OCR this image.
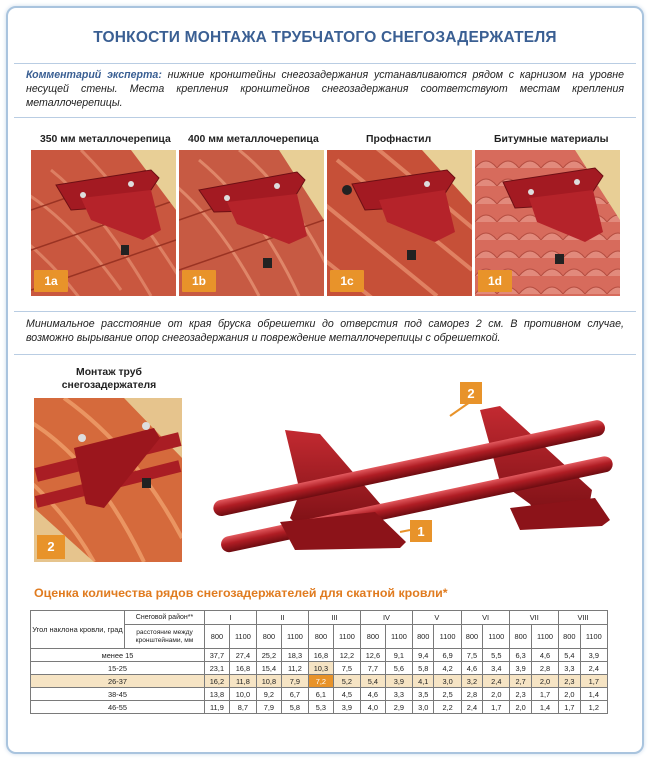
ТОНКОСТИ МОНТАЖА ТРУБЧАТОГО СНЕГОЗАДЕРЖАТЕЛЯ
Комментарий эксперта: нижние кронштейны снегозадержания устанавливаются рядом с карнизом на уровне несущей стены. Места крепления кронштейнов снегозадержания соответствуют местам крепления металлочерепицы.
350 мм металлочерепица 400 мм металлочерепица	Профнастил	Битумные материалы
1a	1b	1c	1d
Минимальное расстояние от края бруска обрешетки до отверстия под саморез 2 см. В противном случае, возможно вырывание опор снегозадержания и повреждение металлочерепицы с обрешеткой.
Монтаж труб
снегозадержателя
2
2
1
Оценка количества рядов снегозадержателей для скатной кровли*
Угол наклона кровли, град	Снеговой район**	I		II		III		IV		V		VI		VII		VIII	
	расстояние между кронштейнами, мм	800	1100	800	1100	800	1100	800	1100	800	1100	800	1100	800	1100	800	1100
менее 15		37,7	27,4	25,2	18,3	16,8	12,2	12,6	9,1	9,4	6,9	7,5	5,5	6,3	4,6	5,4	3,9
15-25		23,1	16,8	15,4	11,2	10,3	7,5	7,7	5,6	5,8	4,2	4,6	3,4	3,9	2,8	3,3	2,4
26-37		16,2	11,8	10,8	7,9	7,2	5,2	5,4	3,9	4,1	3,0	3,2	2,4	2,7	2,0	2,3	1,7
38-45		13,8	10,0	9,2	6,7	6,1	4,5	4,6	3,3	3,5	2,5	2,8	2,0	2,3	1,7	2,0	1,4
46-55		11,9	8,7	7,9	5,8	5,3	3,9	4,0	2,9	3,0	2,2	2,4	1,7	2,0	1,4	1,7	1,2
